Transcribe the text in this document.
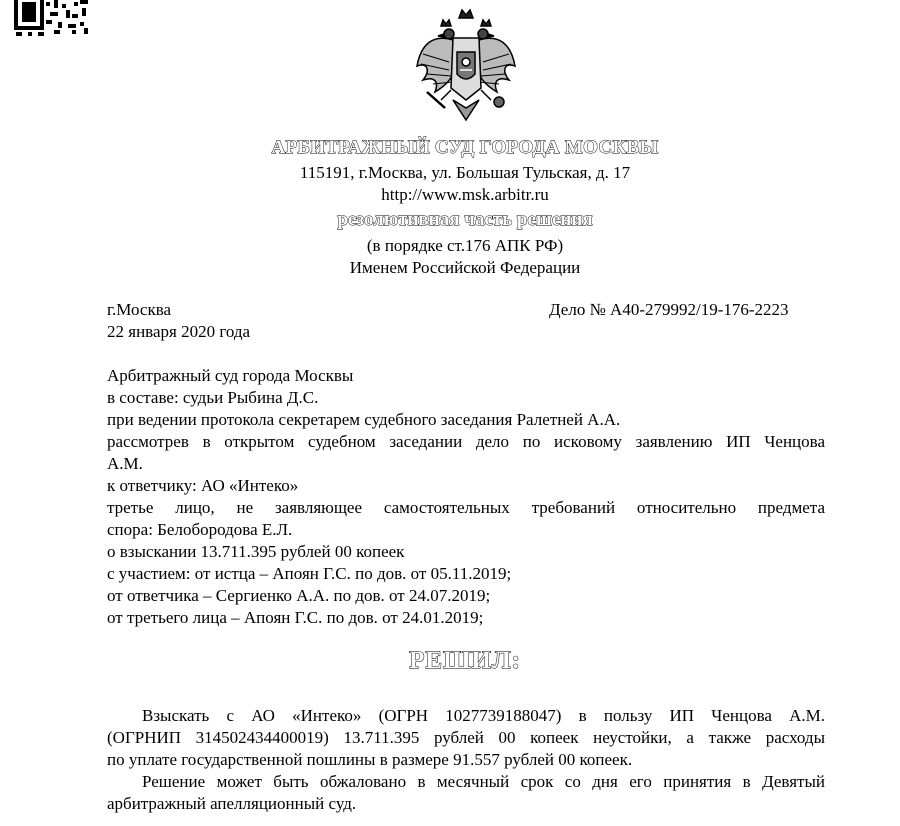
АРБИТРАЖНЫЙ СУД ГОРОДА МОСКВЫ
115191, г.Москва, ул. Большая Тульская, д. 17
http://www.msk.arbitr.ru
резолютивная часть решения
(в порядке ст.176 АПК РФ)
Именем Российской Федерации
г.Москва	Дело № А40-279992/19-176-2223
22 января 2020 года
Арбитражный суд города Москвы
в составе: судьи Рыбина Д.С.
при ведении протокола секретарем судебного заседания Ралетней А.А.
рассмотрев в открытом судебном заседании дело по исковому заявлению ИП Ченцова
А.М.
к ответчику: АО «Интеко»
третье лицо, не заявляющее самостоятельных требований относительно предмета
спора: Белобородова Е.Л.
о взыскании 13.711.395 рублей 00 копеек
с участием: от истца – Апоян Г.С. по дов. от 05.11.2019;
от ответчика – Сергиенко А.А. по дов. от 24.07.2019;
от третьего лица – Апоян Г.С. по дов. от 24.01.2019;
РЕШИЛ:
Взыскать с АО «Интеко» (ОГРН 1027739188047) в пользу ИП Ченцова А.М.
(ОГРНИП 314502434400019) 13.711.395 рублей 00 копеек неустойки, а также расходы
по уплате государственной пошлины в размере 91.557 рублей 00 копеек.
Решение может быть обжаловано в месячный срок со дня его принятия в Девятый
арбитражный апелляционный суд.
